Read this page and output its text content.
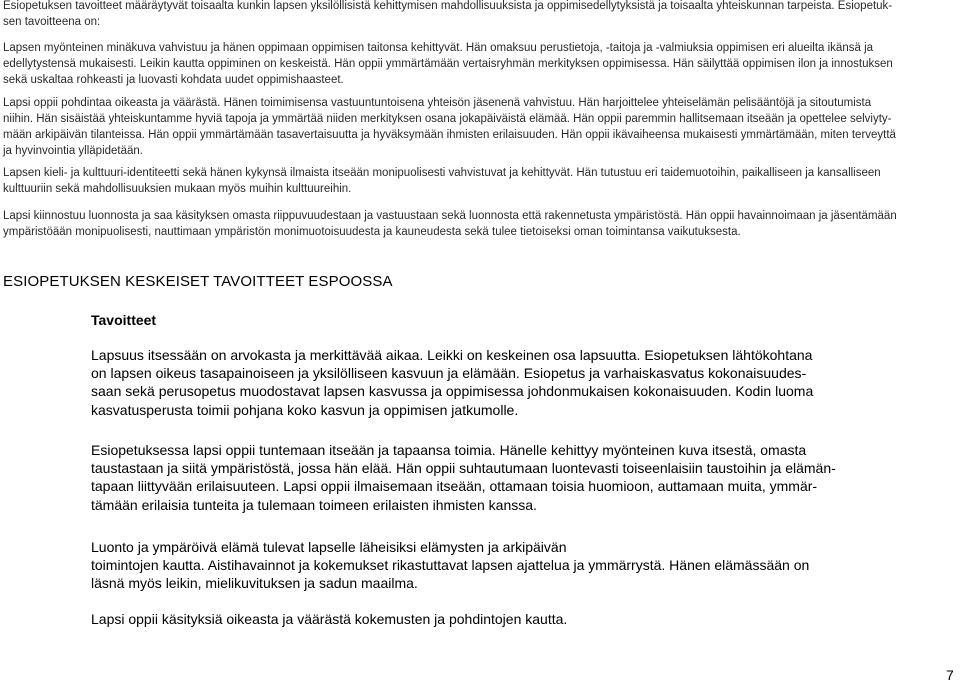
Esiopetuksen tavoitteet määräytyvät toisaalta kunkin lapsen yksilöllisistä kehittymisen mahdollisuuksista ja oppimisedellytyksistä ja toisaalta yhteiskunnan tarpeista. Esiopetuk-

sen tavoitteena on:

Lapsen myönteinen minäkuva vahvistuu ja hänen oppimaan oppimisen taitonsa kehittyvät. Hän omaksuu perustietoja, -taitoja ja -valmiuksia oppimisen eri alueilta ikänsä ja

edellytystensä mukaisesti. Leikin kautta oppiminen on keskeistä. Hän oppii ymmärtämään vertaisryhmän merkityksen oppimisessa. Hän säilyttää oppimisen ilon ja innostuksen

sekä uskaltaa rohkeasti ja luovasti kohdata uudet oppimishaasteet.

Lapsi oppii pohdintaa oikeasta ja väärästä. Hänen toimimisensa vastuuntuntoisena yhteisön jäsenenä vahvistuu. Hän harjoittelee yhteiselämän pelisääntöjä ja sitoutumista

niihin. Hän sisäistää yhteiskuntamme hyviä tapoja ja ymmärtää niiden merkityksen osana jokapäiväistä elämää. Hän oppii paremmin hallitsemaan itseään ja opettelee selviyty-

mään arkipäivän tilanteissa. Hän oppii ymmärtämään tasavertaisuutta ja hyväksymään ihmisten erilaisuuden. Hän oppii ikävaiheensa mukaisesti ymmärtämään, miten terveyttä

ja hyvinvointia ylläpidetään.

Lapsen kieli- ja kulttuuri-identiteetti sekä hänen kykynsä ilmaista itseään monipuolisesti vahvistuvat ja kehittyvät. Hän tutustuu eri taidemuotoihin, paikalliseen ja kansalliseen

kulttuuriin sekä mahdollisuuksien mukaan myös muihin kulttuureihin.

Lapsi kiinnostuu luonnosta ja saa käsityksen omasta riippuvuudestaan ja vastuustaan sekä luonnosta että rakennetusta ympäristöstä. Hän oppii havainnoimaan ja jäsentämään

ympäristöään monipuolisesti, nauttimaan ympäristön monimuotoisuudesta ja kauneudesta sekä tulee tietoiseksi oman toimintansa vaikutuksesta.

ESIOPETUKSEN KESKEISET TAVOITTEET ESPOOSSA
Tavoitteet

Lapsuus itsessään on arvokasta ja merkittävää aikaa. Leikki on keskeinen osa lapsuutta. Esiopetuksen lähtökohtana

on lapsen oikeus tasapainoiseen ja yksilölliseen kasvuun ja elämään. Esiopetus ja varhaiskasvatus kokonaisuudes-

saan sekä perusopetus muodostavat lapsen kasvussa ja oppimisessa johdonmukaisen kokonaisuuden. Kodin luoma

kasvatusperusta toimii pohjana koko kasvun ja oppimisen jatkumolle.

Esiopetuksessa lapsi oppii tuntemaan itseään ja tapaansa toimia. Hänelle kehittyy myönteinen kuva itsestä, omasta

taustastaan ja siitä ympäristöstä, jossa hän elää. Hän oppii suhtautumaan luontevasti toiseenlaisiin taustoihin ja elämän-

tapaan liittyvään erilaisuuteen. Lapsi oppii ilmaisemaan itseään, ottamaan toisia huomioon, auttamaan muita, ymmär-

tämään erilaisia tunteita ja tulemaan toimeen erilaisten ihmisten kanssa.

Luonto ja ympäröivä elämä tulevat lapselle läheisiksi elämysten ja arkipäivän

toimintojen kautta. Aistihavainnot ja kokemukset rikastuttavat lapsen ajattelua ja ymmärrystä. Hänen elämässään on

läsnä myös leikin, mielikuvituksen ja sadun maailma.

Lapsi oppii käsityksiä oikeasta ja väärästä kokemusten ja pohdintojen kautta.

7
